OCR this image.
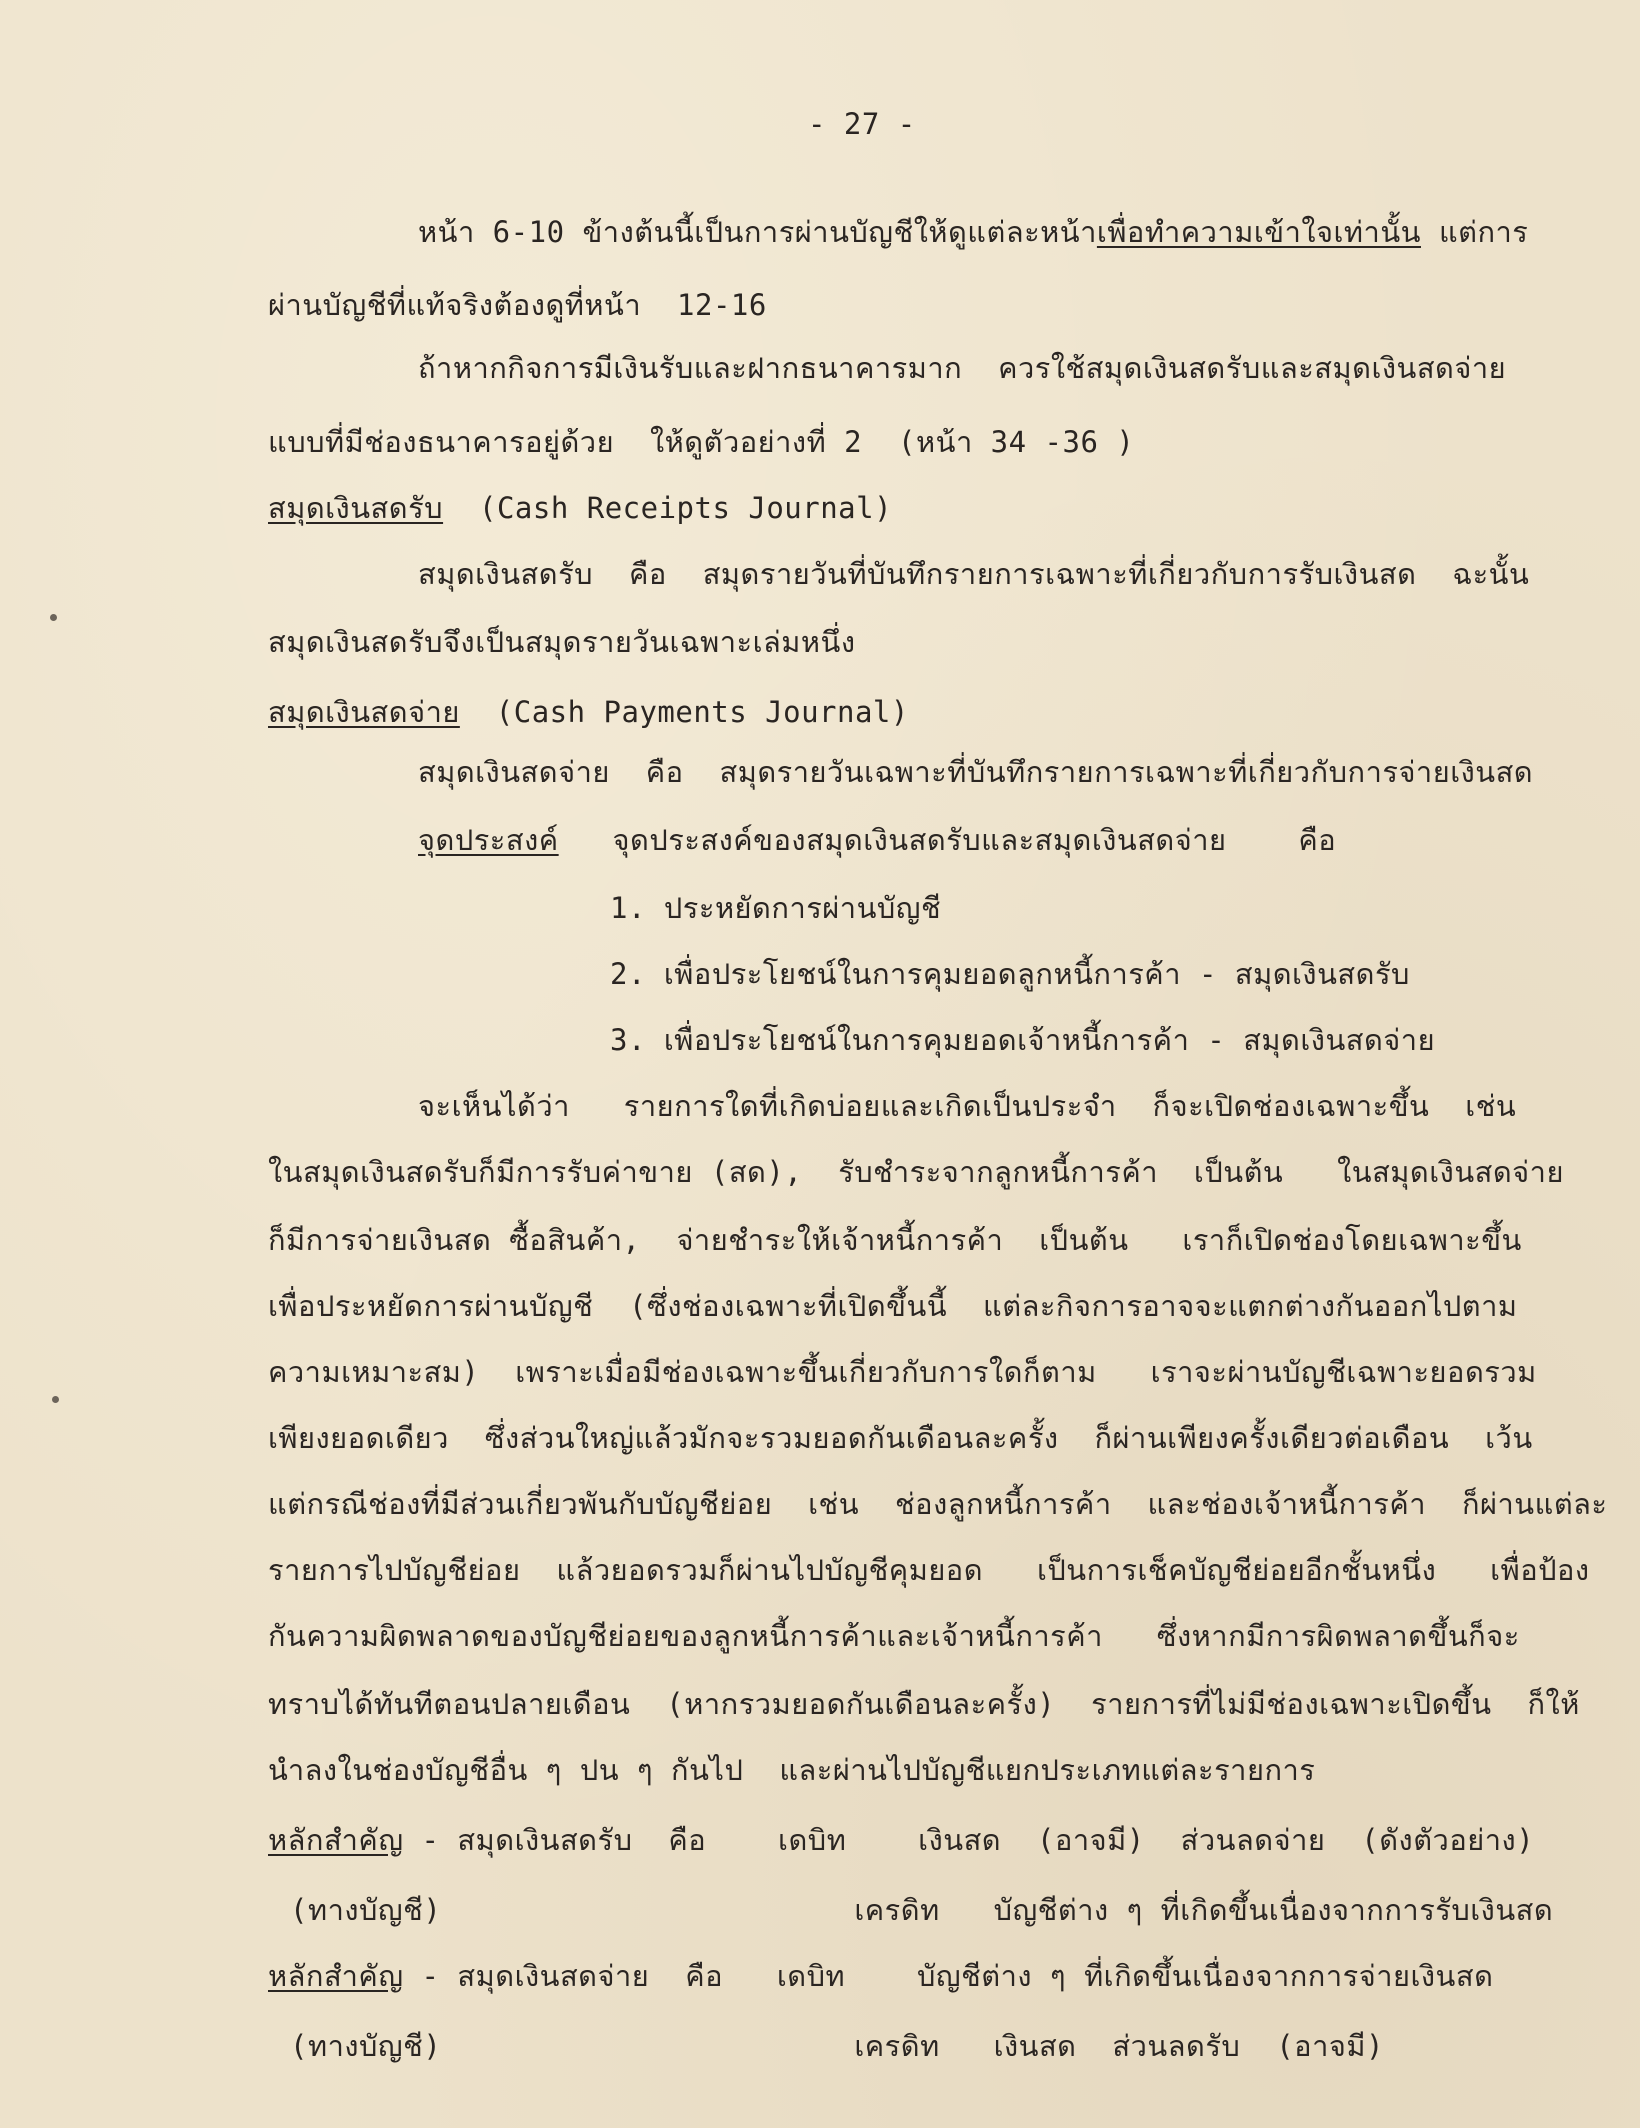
- 27 -
หน้า 6-10 ข้างต้นนี้เป็นการผ่านบัญชีให้ดูแต่ละหน้าเพื่อทำความเข้าใจเท่านั้น แต่การ
ผ่านบัญชีที่แท้จริงต้องดูที่หน้า  12-16
ถ้าหากกิจการมีเงินรับและฝากธนาคารมาก  ควรใช้สมุดเงินสดรับและสมุดเงินสดจ่าย
แบบที่มีช่องธนาคารอยู่ด้วย  ให้ดูตัวอย่างที่ 2  (หน้า 34 -36 )
สมุดเงินสดรับ  (Cash Receipts Journal)
สมุดเงินสดรับ  คือ  สมุดรายวันที่บันทึกรายการเฉพาะที่เกี่ยวกับการรับเงินสด  ฉะนั้น
สมุดเงินสดรับจึงเป็นสมุดรายวันเฉพาะเล่มหนึ่ง
สมุดเงินสดจ่าย  (Cash Payments Journal)
สมุดเงินสดจ่าย  คือ  สมุดรายวันเฉพาะที่บันทึกรายการเฉพาะที่เกี่ยวกับการจ่ายเงินสด
จุดประสงค์   จุดประสงค์ของสมุดเงินสดรับและสมุดเงินสดจ่าย    คือ
1. ประหยัดการผ่านบัญชี
2. เพื่อประโยชน์ในการคุมยอดลูกหนี้การค้า - สมุดเงินสดรับ
3. เพื่อประโยชน์ในการคุมยอดเจ้าหนี้การค้า - สมุดเงินสดจ่าย
จะเห็นได้ว่า   รายการใดที่เกิดบ่อยและเกิดเป็นประจำ  ก็จะเปิดช่องเฉพาะขึ้น  เช่น
ในสมุดเงินสดรับก็มีการรับค่าขาย (สด),  รับชำระจากลูกหนี้การค้า  เป็นต้น   ในสมุดเงินสดจ่าย
ก็มีการจ่ายเงินสด ซื้อสินค้า,  จ่ายชำระให้เจ้าหนี้การค้า  เป็นต้น   เราก็เปิดช่องโดยเฉพาะขึ้น
เพื่อประหยัดการผ่านบัญชี  (ซึ่งช่องเฉพาะที่เปิดขึ้นนี้  แต่ละกิจการอาจจะแตกต่างกันออกไปตาม
ความเหมาะสม)  เพราะเมื่อมีช่องเฉพาะขึ้นเกี่ยวกับการใดก็ตาม   เราจะผ่านบัญชีเฉพาะยอดรวม
เพียงยอดเดียว  ซึ่งส่วนใหญ่แล้วมักจะรวมยอดกันเดือนละครั้ง  ก็ผ่านเพียงครั้งเดียวต่อเดือน  เว้น
แต่กรณีช่องที่มีส่วนเกี่ยวพันกับบัญชีย่อย  เช่น  ช่องลูกหนี้การค้า  และช่องเจ้าหนี้การค้า  ก็ผ่านแต่ละ
รายการไปบัญชีย่อย  แล้วยอดรวมก็ผ่านไปบัญชีคุมยอด   เป็นการเช็คบัญชีย่อยอีกชั้นหนึ่ง   เพื่อป้อง
กันความผิดพลาดของบัญชีย่อยของลูกหนี้การค้าและเจ้าหนี้การค้า   ซึ่งหากมีการผิดพลาดขึ้นก็จะ
ทราบได้ทันทีตอนปลายเดือน  (หากรวมยอดกันเดือนละครั้ง)  รายการที่ไม่มีช่องเฉพาะเปิดขึ้น  ก็ให้
นำลงในช่องบัญชีอื่น ๆ ปน ๆ กันไป  และผ่านไปบัญชีแยกประเภทแต่ละรายการ
หลักสำคัญ - สมุดเงินสดรับ  คือ    เดบิท    เงินสด  (อาจมี)  ส่วนลดจ่าย  (ดังตัวอย่าง)
(ทางบัญชี)                       เครดิท   บัญชีต่าง ๆ ที่เกิดขึ้นเนื่องจากการรับเงินสด
หลักสำคัญ - สมุดเงินสดจ่าย  คือ   เดบิท    บัญชีต่าง ๆ ที่เกิดขึ้นเนื่องจากการจ่ายเงินสด
(ทางบัญชี)                       เครดิท   เงินสด  ส่วนลดรับ  (อาจมี)
